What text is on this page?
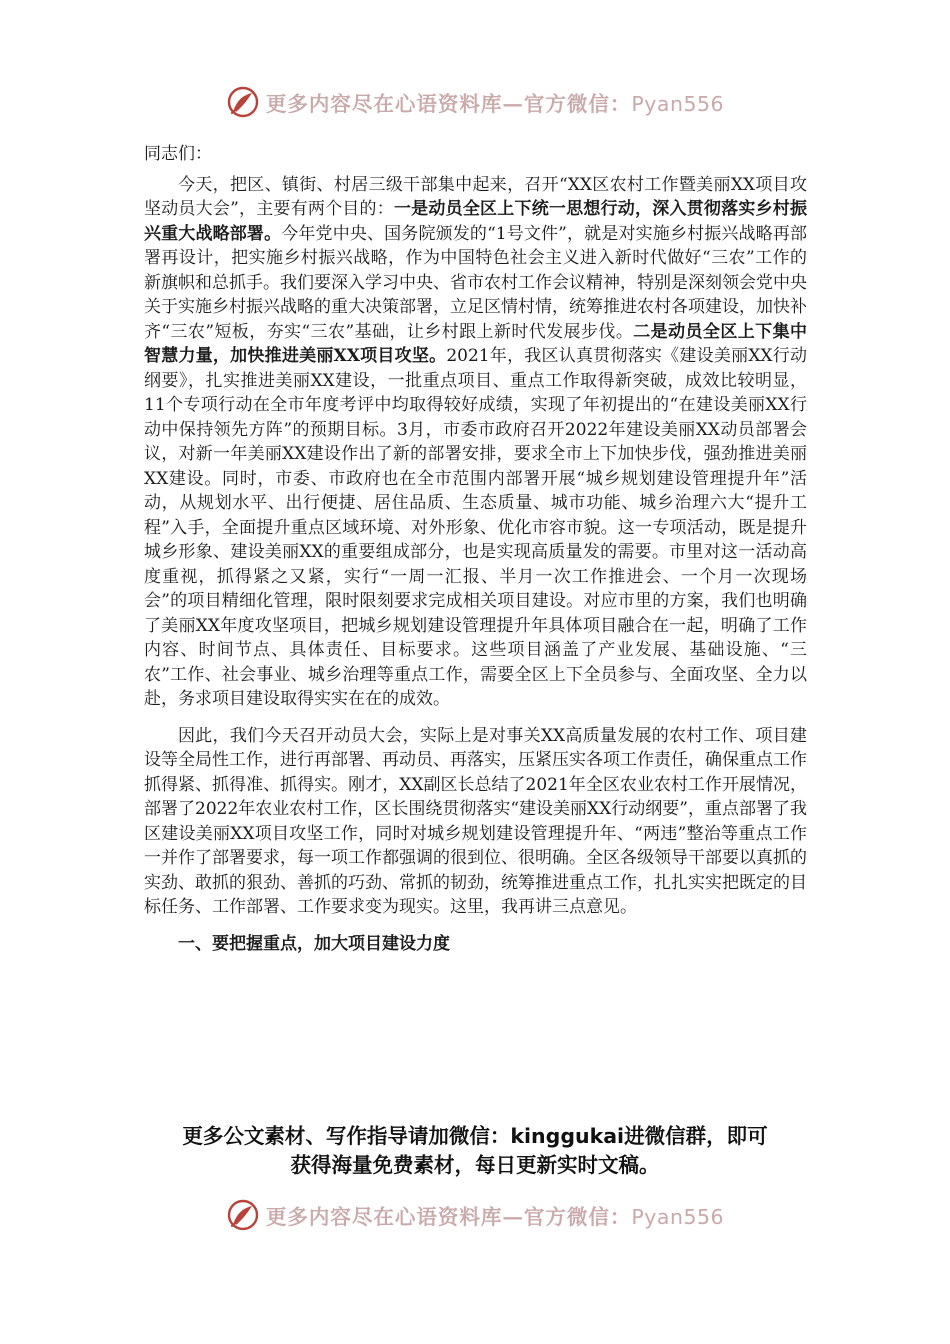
更多内容尽在心语资料库—官方微信：Pyan556

同志们：

今天，把区、镇街、村居三级干部集中起来，召开“XX区农村工作暨美丽XX项目攻坚动员大会”，主要有两个目的：一是动员全区上下统一思想行动，深入贯彻落实乡村振兴重大战略部署。今年党中央、国务院颁发的“1号文件”，就是对实施乡村振兴战略再部署再设计，把实施乡村振兴战略，作为中国特色社会主义进入新时代做好“三农”工作的新旗帜和总抓手。我们要深入学习中央、省市农村工作会议精神，特别是深刻领会党中央关于实施乡村振兴战略的重大决策部署，立足区情村情，统筹推进农村各项建设，加快补齐“三农”短板，夯实“三农”基础，让乡村跟上新时代发展步伐。二是动员全区上下集中智慧力量，加快推进美丽XX项目攻坚。2021年，我区认真贯彻落实《建设美丽XX行动纲要》，扎实推进美丽XX建设，一批重点项目、重点工作取得新突破，成效比较明显，11个专项行动在全市年度考评中均取得较好成绩，实现了年初提出的“在建设美丽XX行动中保持领先方阵”的预期目标。3月，市委市政府召开2022年建设美丽XX动员部署会议，对新一年美丽XX建设作出了新的部署安排，要求全市上下加快步伐，强劲推进美丽XX建设。同时，市委、市政府也在全市范围内部署开展“城乡规划建设管理提升年”活动，从规划水平、出行便捷、居住品质、生态质量、城市功能、城乡治理六大“提升工程”入手，全面提升重点区域环境、对外形象、优化市容市貌。这一专项活动，既是提升城乡形象、建设美丽XX的重要组成部分，也是实现高质量发的需要。市里对这一活动高度重视，抓得紧之又紧，实行“一周一汇报、半月一次工作推进会、一个月一次现场会”的项目精细化管理，限时限刻要求完成相关项目建设。对应市里的方案，我们也明确了美丽XX年度攻坚项目，把城乡规划建设管理提升年具体项目融合在一起，明确了工作内容、时间节点、具体责任、目标要求。这些项目涵盖了产业发展、基础设施、“三农”工作、社会事业、城乡治理等重点工作，需要全区上下全员参与、全面攻坚、全力以赴，务求项目建设取得实实在在的成效。

因此，我们今天召开动员大会，实际上是对事关XX高质量发展的农村工作、项目建设等全局性工作，进行再部署、再动员、再落实，压紧压实各项工作责任，确保重点工作抓得紧、抓得准、抓得实。刚才，XX副区长总结了2021年全区农业农村工作开展情况，部署了2022年农业农村工作，区长围绕贯彻落实“建设美丽XX行动纲要”，重点部署了我区建设美丽XX项目攻坚工作，同时对城乡规划建设管理提升年、“两违”整治等重点工作一并作了部署要求，每一项工作都强调的很到位、很明确。全区各级领导干部要以真抓的实劲、敢抓的狠劲、善抓的巧劲、常抓的韧劲，统筹推进重点工作，扎扎实实把既定的目标任务、工作部署、工作要求变为现实。这里，我再讲三点意见。

一、要把握重点，加大项目建设力度

更多公文素材、写作指导请加微信：kinggukai进微信群，即可
获得海量免费素材，每日更新实时文稿。
更多内容尽在心语资料库—官方微信：Pyan556
